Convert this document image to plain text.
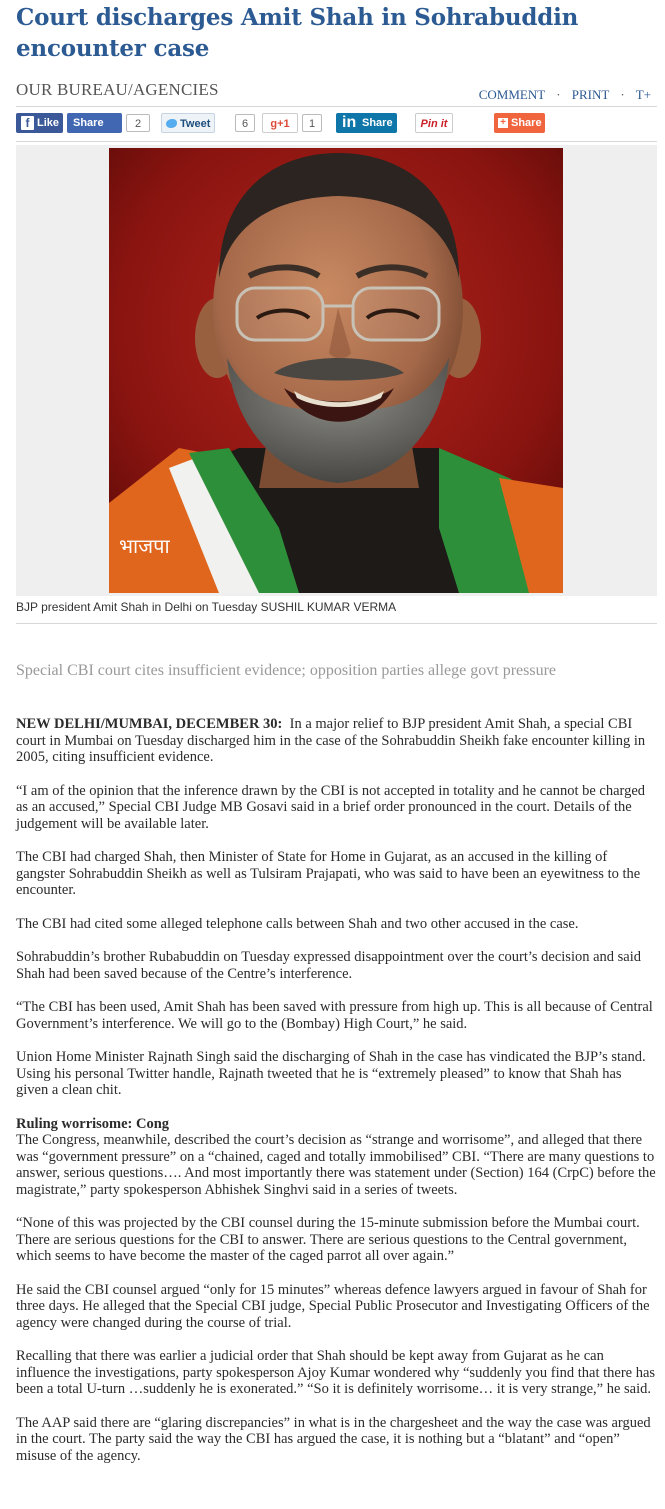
Court discharges Amit Shah in Sohrabuddin encounter case
OUR BUREAU/AGENCIES	COMMENT · PRINT · T+
f Like	Share	2	Tweet	6	g+1	1	in Share	Pin it	+ Share
भाजपा
BJP president Amit Shah in Delhi on Tuesday SUSHIL KUMAR VERMA
Special CBI court cites insufficient evidence; opposition parties allege govt pressure

NEW DELHI/MUMBAI, DECEMBER 30: In a major relief to BJP president Amit Shah, a special CBI court in Mumbai on Tuesday discharged him in the case of the Sohrabuddin Sheikh fake encounter killing in 2005, citing insufficient evidence.

“I am of the opinion that the inference drawn by the CBI is not accepted in totality and he cannot be charged as an accused,” Special CBI Judge MB Gosavi said in a brief order pronounced in the court. Details of the judgement will be available later.

The CBI had charged Shah, then Minister of State for Home in Gujarat, as an accused in the killing of gangster Sohrabuddin Sheikh as well as Tulsiram Prajapati, who was said to have been an eyewitness to the encounter.

The CBI had cited some alleged telephone calls between Shah and two other accused in the case.

Sohrabuddin’s brother Rubabuddin on Tuesday expressed disappointment over the court’s decision and said Shah had been saved because of the Centre’s interference.

“The CBI has been used, Amit Shah has been saved with pressure from high up. This is all because of Central Government’s interference. We will go to the (Bombay) High Court,” he said.

Union Home Minister Rajnath Singh said the discharging of Shah in the case has vindicated the BJP’s stand. Using his personal Twitter handle, Rajnath tweeted that he is “extremely pleased” to know that Shah has given a clean chit.

Ruling worrisome: Cong

The Congress, meanwhile, described the court’s decision as “strange and worrisome”, and alleged that there was “government pressure” on a “chained, caged and totally immobilised” CBI. “There are many questions to answer, serious questions…. And most importantly there was statement under (Section) 164 (CrpC) before the magistrate,” party spokesperson Abhishek Singhvi said in a series of tweets.

“None of this was projected by the CBI counsel during the 15-minute submission before the Mumbai court. There are serious questions for the CBI to answer. There are serious questions to the Central government, which seems to have become the master of the caged parrot all over again.”

He said the CBI counsel argued “only for 15 minutes” whereas defence lawyers argued in favour of Shah for three days. He alleged that the Special CBI judge, Special Public Prosecutor and Investigating Officers of the agency were changed during the course of trial.

Recalling that there was earlier a judicial order that Shah should be kept away from Gujarat as he can influence the investigations, party spokesperson Ajoy Kumar wondered why “suddenly you find that there has been a total U-turn …suddenly he is exonerated.” “So it is definitely worrisome… it is very strange,” he said.

The AAP said there are “glaring discrepancies” in what is in the chargesheet and the way the case was argued in the court. The party said the way the CBI has argued the case, it is nothing but a “blatant” and “open” misuse of the agency.
